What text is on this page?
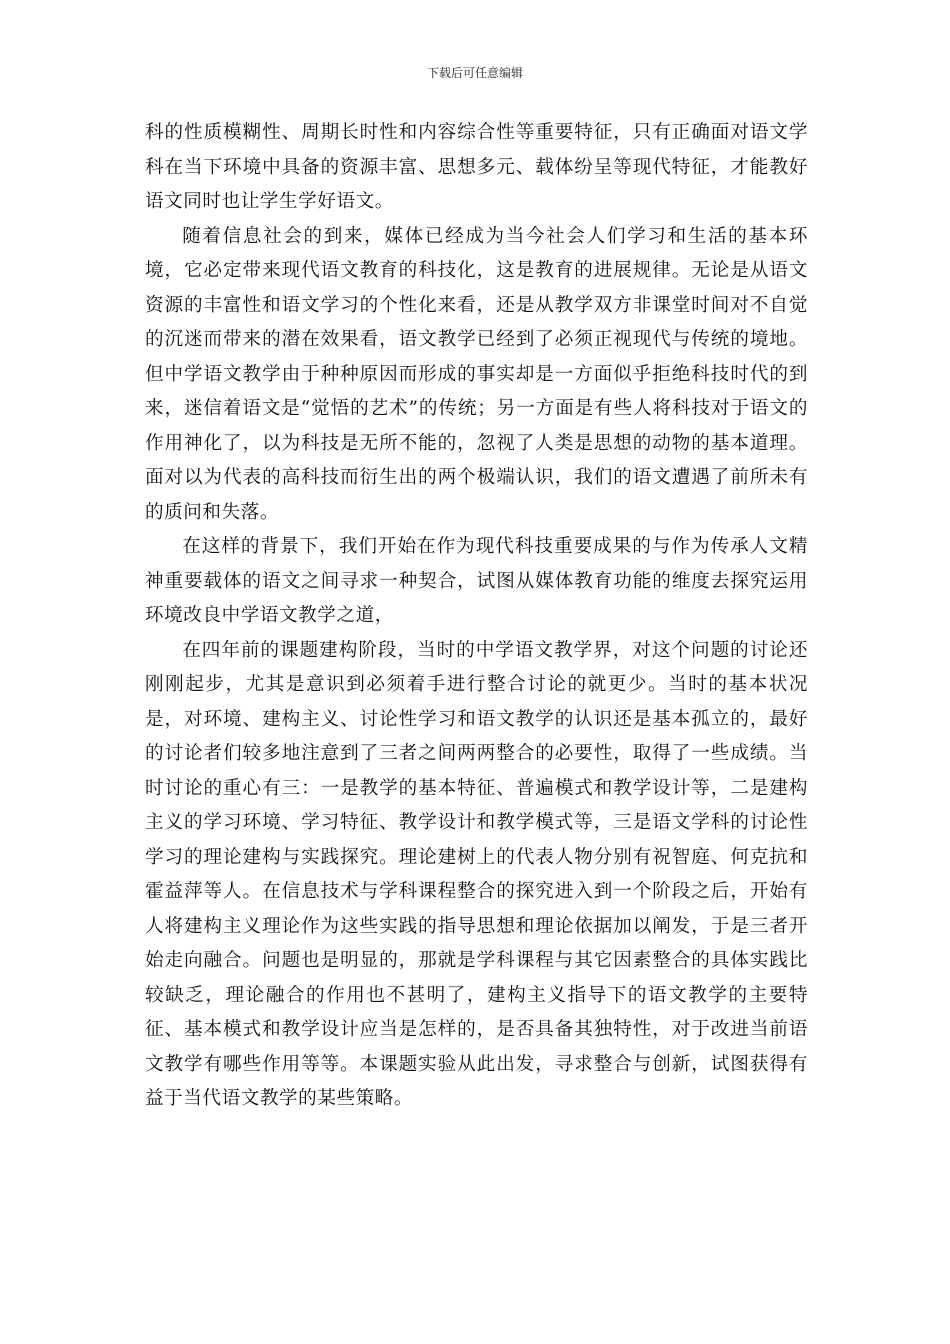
下载后可任意编辑

科的性质模糊性、周期长时性和内容综合性等重要特征，只有正确面对语文学科在当下环境中具备的资源丰富、思想多元、载体纷呈等现代特征，才能教好语文同时也让学生学好语文。

随着信息社会的到来，媒体已经成为当今社会人们学习和生活的基本环境，它必定带来现代语文教育的科技化，这是教育的进展规律。无论是从语文资源的丰富性和语文学习的个性化来看，还是从教学双方非课堂时间对不自觉的沉迷而带来的潜在效果看，语文教学已经到了必须正视现代与传统的境地。但中学语文教学由于种种原因而形成的事实却是一方面似乎拒绝科技时代的到来，迷信着语文是“觉悟的艺术”的传统；另一方面是有些人将科技对于语文的作用神化了，以为科技是无所不能的，忽视了人类是思想的动物的基本道理。面对以为代表的高科技而衍生出的两个极端认识，我们的语文遭遇了前所未有的质问和失落。

在这样的背景下，我们开始在作为现代科技重要成果的与作为传承人文精神重要载体的语文之间寻求一种契合，试图从媒体教育功能的维度去探究运用环境改良中学语文教学之道，

在四年前的课题建构阶段，当时的中学语文教学界，对这个问题的讨论还刚刚起步，尤其是意识到必须着手进行整合讨论的就更少。当时的基本状况是，对环境、建构主义、讨论性学习和语文教学的认识还是基本孤立的，最好的讨论者们较多地注意到了三者之间两两整合的必要性，取得了一些成绩。当时讨论的重心有三：一是教学的基本特征、普遍模式和教学设计等，二是建构主义的学习环境、学习特征、教学设计和教学模式等，三是语文学科的讨论性学习的理论建构与实践探究。理论建树上的代表人物分别有祝智庭、何克抗和霍益萍等人。在信息技术与学科课程整合的探究进入到一个阶段之后，开始有人将建构主义理论作为这些实践的指导思想和理论依据加以阐发，于是三者开始走向融合。问题也是明显的，那就是学科课程与其它因素整合的具体实践比较缺乏，理论融合的作用也不甚明了，建构主义指导下的语文教学的主要特征、基本模式和教学设计应当是怎样的，是否具备其独特性，对于改进当前语文教学有哪些作用等等。本课题实验从此出发，寻求整合与创新，试图获得有益于当代语文教学的某些策略。
